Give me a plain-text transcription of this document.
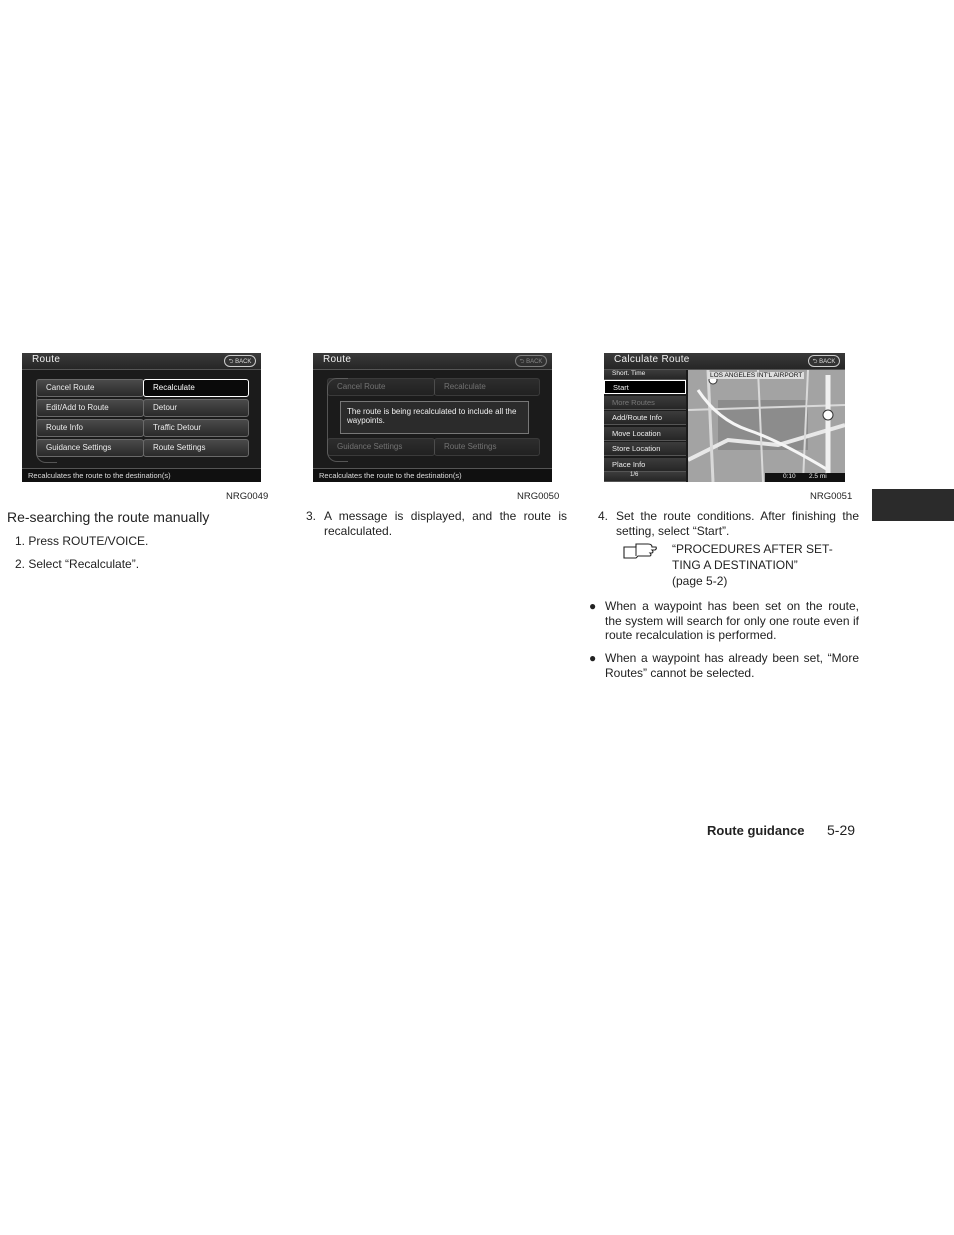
Route	⮌ BACK
Cancel Route
Edit/Add to Route
Route Info
Guidance Settings
Recalculate
Detour
Traffic Detour
Route Settings
Recalculates the route to the destination(s)
NRG0049
Route	⮌ BACK
Cancel Route	Recalculate
Guidance Settings	Route Settings
The route is being recalculated to include all the waypoints.
Recalculates the route to the destination(s)
NRG0050
Calculate Route	⮌ BACK
Short. Time
Start
More Routes
Add/Route Info
Move Location
Store Location
Place Info
1/6
LOS ANGELES INT'L AIRPORT
0:10 2.5 mi
NRG0051
Re-searching the route manually
1. Press ROUTE/VOICE.
2. Select “Recalculate”.
3. A message is displayed, and the route is recalculated.
4. Set the route conditions. After finishing the setting, select “Start”.
“PROCEDURES AFTER SET-
TING A DESTINATION”
(page 5-2)
● When a waypoint has been set on the route, the system will search for only one route even if route recalculation is performed.
● When a waypoint has already been set, “More Routes” cannot be selected.
Route guidance 5-29
